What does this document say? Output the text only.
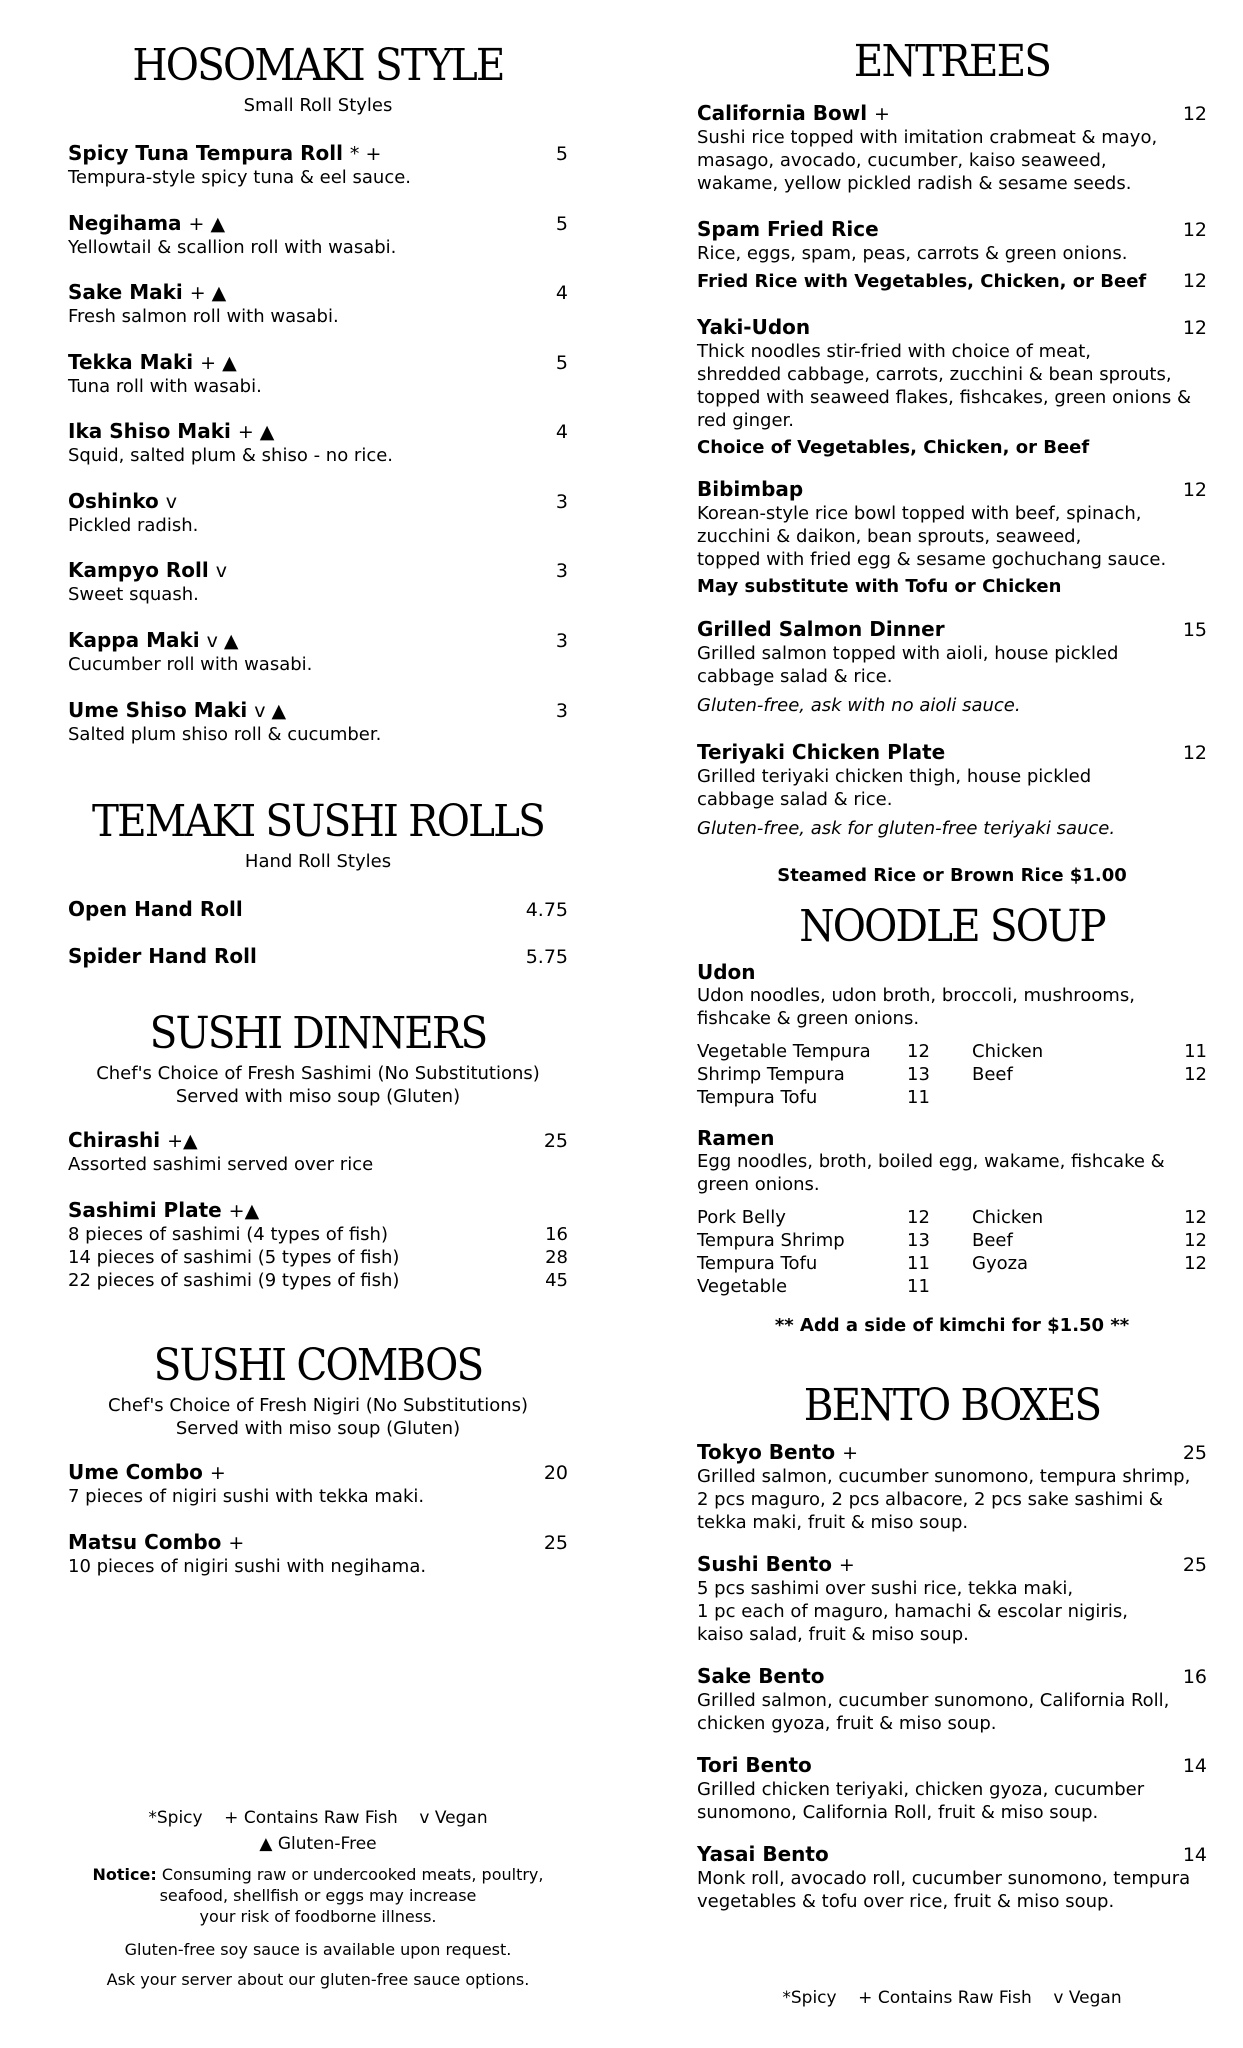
HOSOMAKI STYLE
Small Roll Styles
Spicy Tuna Tempura Roll * +	5
Tempura-style spicy tuna & eel sauce.
Negihama + ▲	5
Yellowtail & scallion roll with wasabi.
Sake Maki + ▲	4
Fresh salmon roll with wasabi.
Tekka Maki + ▲	5
Tuna roll with wasabi.
Ika Shiso Maki + ▲	4
Squid, salted plum & shiso - no rice.
Oshinko v	3
Pickled radish.
Kampyo Roll v	3
Sweet squash.
Kappa Maki v ▲	3
Cucumber roll with wasabi.
Ume Shiso Maki v ▲	3
Salted plum shiso roll & cucumber.
TEMAKI SUSHI ROLLS
Hand Roll Styles
Open Hand Roll	4.75
Spider Hand Roll	5.75
SUSHI DINNERS
Chef's Choice of Fresh Sashimi (No Substitutions)
Served with miso soup (Gluten)
Chirashi +▲	25
Assorted sashimi served over rice
Sashimi Plate +▲
8 pieces of sashimi (4 types of fish)	16
14 pieces of sashimi (5 types of fish)	28
22 pieces of sashimi (9 types of fish)	45
SUSHI COMBOS
Chef's Choice of Fresh Nigiri (No Substitutions)
Served with miso soup (Gluten)
Ume Combo +	20
7 pieces of nigiri sushi with tekka maki.
Matsu Combo +	25
10 pieces of nigiri sushi with negihama.
*Spicy    + Contains Raw Fish    v Vegan
▲ Gluten-Free
Notice: Consuming raw or undercooked meats, poultry,
seafood, shellfish or eggs may increase
your risk of foodborne illness.
Gluten-free soy sauce is available upon request.
Ask your server about our gluten-free sauce options.
ENTREES
California Bowl +	12
Sushi rice topped with imitation crabmeat & mayo,
masago, avocado, cucumber, kaiso seaweed,
wakame, yellow pickled radish & sesame seeds.
Spam Fried Rice	12
Rice, eggs, spam, peas, carrots & green onions.
Fried Rice with Vegetables, Chicken, or Beef 12
Yaki-Udon	12
Thick noodles stir-fried with choice of meat,
shredded cabbage, carrots, zucchini & bean sprouts,
topped with seaweed flakes, fishcakes, green onions &
red ginger.
Choice of Vegetables, Chicken, or Beef
Bibimbap	12
Korean-style rice bowl topped with beef, spinach,
zucchini & daikon, bean sprouts, seaweed,
topped with fried egg & sesame gochuchang sauce.
May substitute with Tofu or Chicken
Grilled Salmon Dinner	15
Grilled salmon topped with aioli, house pickled
cabbage salad & rice.
Gluten-free, ask with no aioli sauce.
Teriyaki Chicken Plate	12
Grilled teriyaki chicken thigh, house pickled
cabbage salad & rice.
Gluten-free, ask for gluten-free teriyaki sauce.
Steamed Rice or Brown Rice $1.00
NOODLE SOUP
Udon
Udon noodles, udon broth, broccoli, mushrooms,
fishcake & green onions.
Vegetable Tempura	12	Chicken	11
Shrimp Tempura	13	Beef	12
Tempura Tofu	11
Ramen
Egg noodles, broth, boiled egg, wakame, fishcake &
green onions.
Pork Belly	12	Chicken	12
Tempura Shrimp	13	Beef	12
Tempura Tofu	11	Gyoza	12
Vegetable	11
** Add a side of kimchi for $1.50 **
BENTO BOXES
Tokyo Bento +	25
Grilled salmon, cucumber sunomono, tempura shrimp,
2 pcs maguro, 2 pcs albacore, 2 pcs sake sashimi &
tekka maki, fruit & miso soup.
Sushi Bento +	25
5 pcs sashimi over sushi rice, tekka maki,
1 pc each of maguro, hamachi & escolar nigiris,
kaiso salad, fruit & miso soup.
Sake Bento	16
Grilled salmon, cucumber sunomono, California Roll,
chicken gyoza, fruit & miso soup.
Tori Bento	14
Grilled chicken teriyaki, chicken gyoza, cucumber
sunomono, California Roll, fruit & miso soup.
Yasai Bento	14
Monk roll, avocado roll, cucumber sunomono, tempura
vegetables & tofu over rice, fruit & miso soup.
*Spicy    + Contains Raw Fish    v Vegan
